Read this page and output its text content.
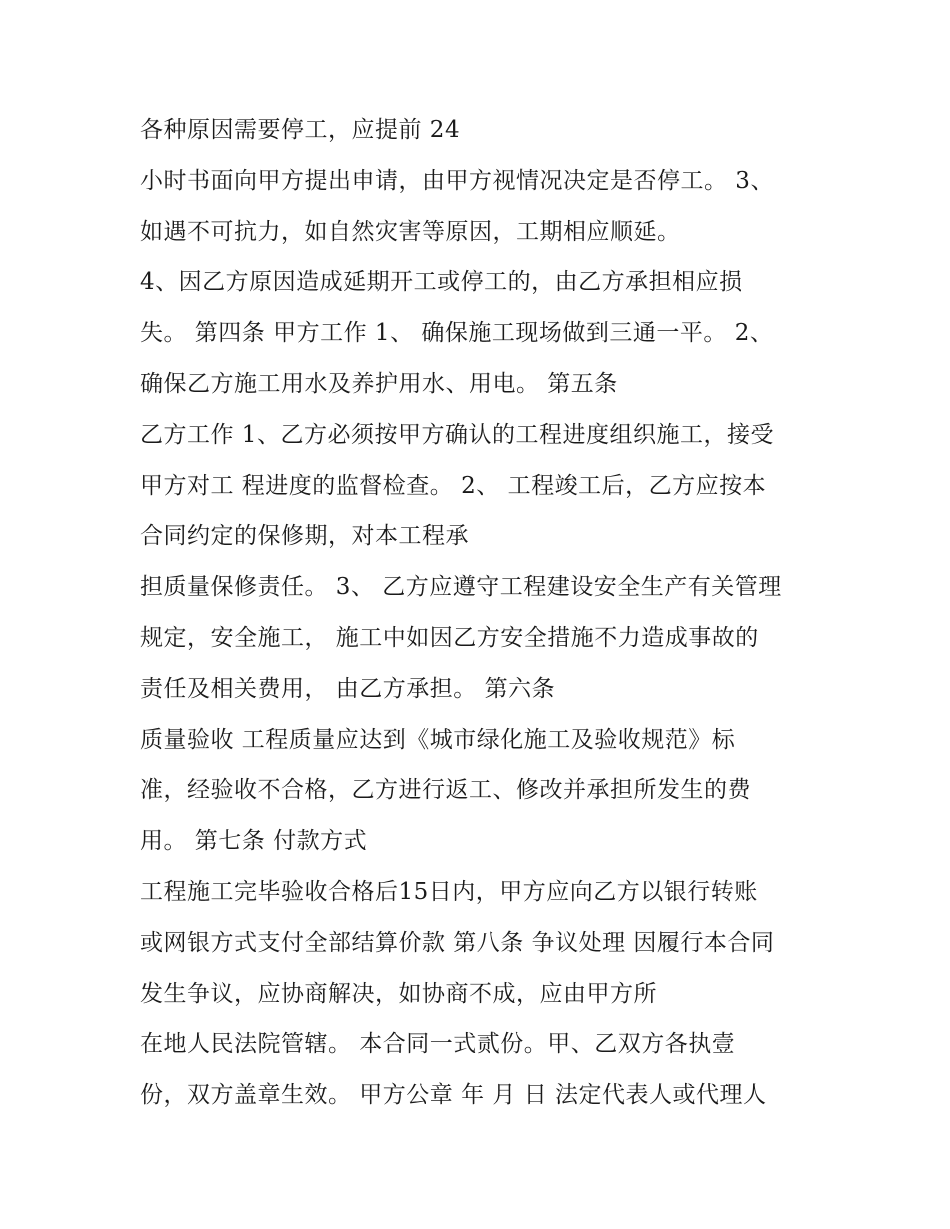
各种原因需要停工，应提前 24
小时书面向甲方提出申请，由甲方视情况决定是否停工。 3、
如遇不可抗力，如自然灾害等原因，工期相应顺延。
4、因乙方原因造成延期开工或停工的，由乙方承担相应损
失。 第四条 甲方工作 1、 确保施工现场做到三通一平。 2、
确保乙方施工用水及养护用水、用电。 第五条
乙方工作 1、乙方必须按甲方确认的工程进度组织施工，接受
甲方对工 程进度的监督检查。 2、 工程竣工后，乙方应按本
合同约定的保修期，对本工程承
担质量保修责任。 3、 乙方应遵守工程建设安全生产有关管理
规定，安全施工， 施工中如因乙方安全措施不力造成事故的
责任及相关费用， 由乙方承担。 第六条
质量验收 工程质量应达到《城市绿化施工及验收规范》标
准，经验收不合格，乙方进行返工、修改并承担所发生的费
用。 第七条 付款方式
工程施工完毕验收合格后15日内，甲方应向乙方以银行转账
或网银方式支付全部结算价款 第八条 争议处理 因履行本合同
发生争议，应协商解决，如协商不成，应由甲方所
在地人民法院管辖。 本合同一式贰份。甲、乙双方各执壹
份，双方盖章生效。 甲方公章 年 月 日 法定代表人或代理人
